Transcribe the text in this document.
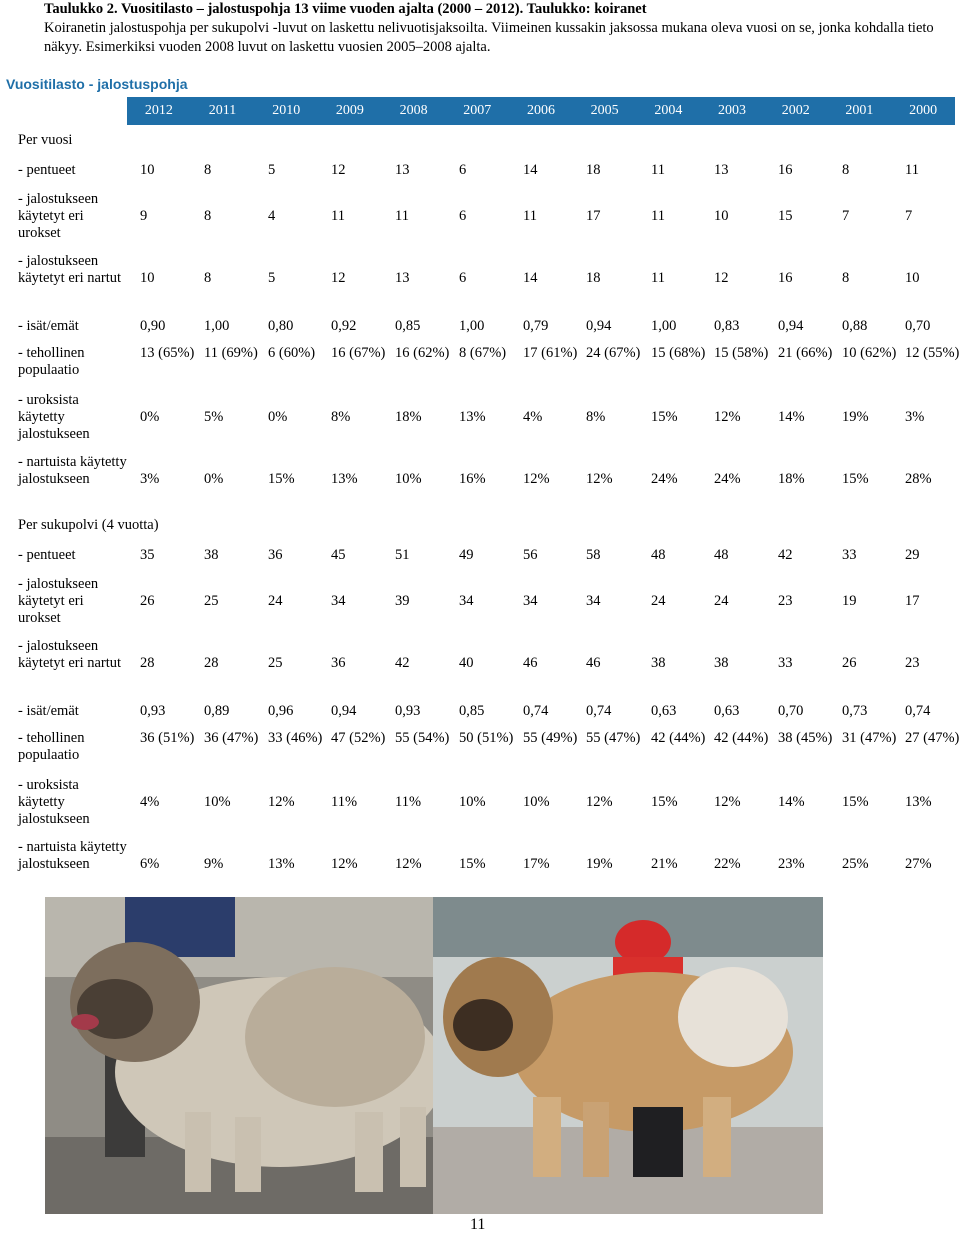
Taulukko 2. Vuositilasto – jalostuspohja 13 viime vuoden ajalta (2000 – 2012). Taulukko: koiranet
Koiranetin jalostuspohja per sukupolvi -luvut on laskettu nelivuotisjaksoilta. Viimeinen kussakin jaksossa mukana oleva vuosi on se, jonka kohdalla tieto näkyy. Esimerkiksi vuoden 2008 luvut on laskettu vuosien 2005–2008 ajalta.
Vuositilasto - jalostuspohja
2012	2011	2010	2009	2008	2007	2006	2005	2004	2003	2002	2001	2000
Per vuosi
- pentueet	10	8	5	12	13	6	14	18	11	13	16	8	11
- jalostukseen käytetyt eri urokset
9	8	4	11	11	6	11	17	11	10	15	7	7
- jalostukseen käytetyt eri nartut	10	8	5	12	13	6	14	18	11	12	16	8	10
- isät/emät	0,90	1,00	0,80	0,92	0,85	1,00	0,79	0,94	1,00	0,83	0,94	0,88	0,70
- tehollinen populaatio
13 (65%) 11 (69%) 6 (60%)	16 (67%) 16 (62%) 8 (67%)	17 (61%) 24 (67%) 15 (68%) 15 (58%) 21 (66%) 10 (62%) 12 (55%)
- uroksista käytetty jalostukseen
0%	5%	0%	8%	18%	13%	4%	8%	15%	12%	14%	19%	3%
- nartuista käytetty jalostukseen	3%	0%	15%	13%	10%	16%	12%	12%	24%	24%	18%	15%	28%
Per sukupolvi (4 vuotta)
- pentueet	35	38	36	45	51	49	56	58	48	48	42	33	29
- jalostukseen käytetyt eri urokset
26	25	24	34	39	34	34	34	24	24	23	19	17
- jalostukseen käytetyt eri nartut	28	28	25	36	42	40	46	46	38	38	33	26	23
- isät/emät	0,93	0,89	0,96	0,94	0,93	0,85	0,74	0,74	0,63	0,63	0,70	0,73	0,74
- tehollinen populaatio
36 (51%) 36 (47%) 33 (46%) 47 (52%) 55 (54%) 50 (51%) 55 (49%) 55 (47%) 42 (44%) 42 (44%) 38 (45%) 31 (47%) 27 (47%)
- uroksista käytetty jalostukseen
4%	10%	12%	11%	11%	10%	10%	12%	15%	12%	14%	15%	13%
- nartuista käytetty jalostukseen	6%	9%	13%	12%	12%	15%	17%	19%	21%	22%	23%	25%	27%
11
